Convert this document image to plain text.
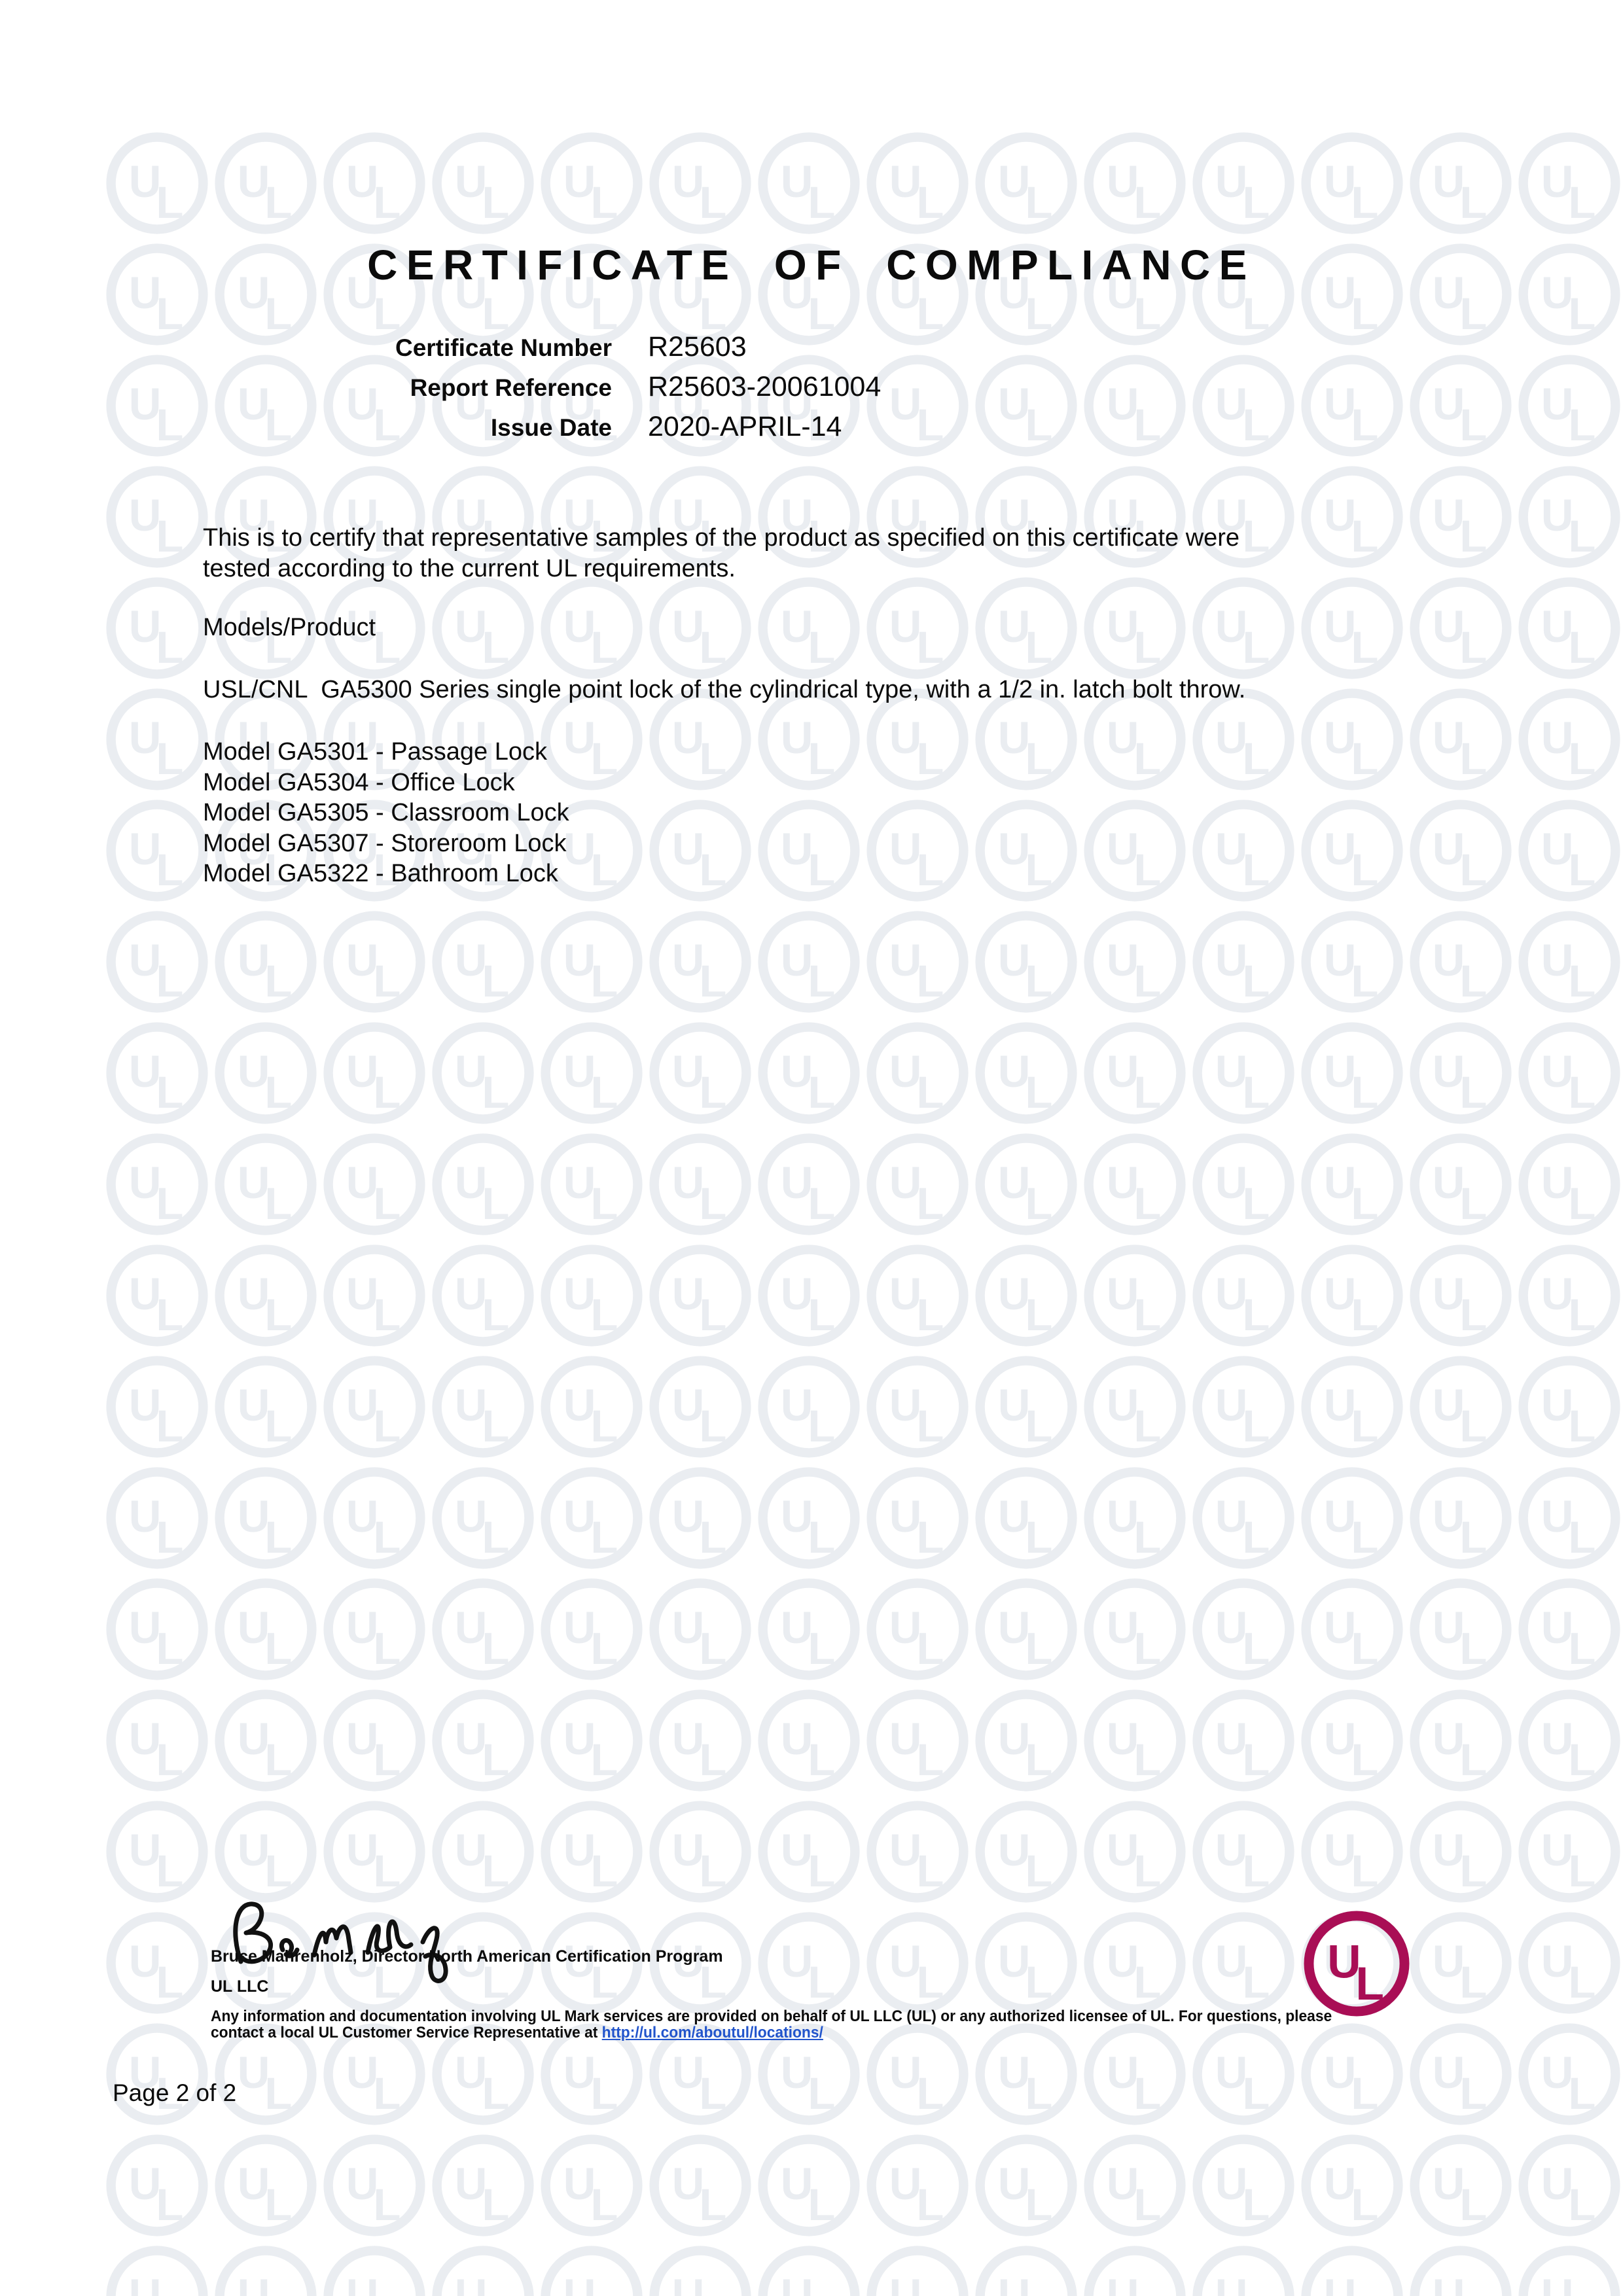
U
L
CERTIFICATE OF COMPLIANCE
Certificate Number R25603
Report Reference R25603-20061004
Issue Date 2020-APRIL-14
This is to certify that representative samples of the product as specified on this certificate were tested according to the current UL requirements.
Models/Product
USL/CNL  GA5300 Series single point lock of the cylindrical type, with a 1/2 in. latch bolt throw.
Model GA5301 - Passage Lock
Model GA5304 - Office Lock
Model GA5305 - Classroom Lock
Model GA5307 - Storeroom Lock
Model GA5322 - Bathroom Lock
Bruce Mahrenholz, Director North American Certification Program
UL LLC
Any information and documentation involving UL Mark services are provided on behalf of UL LLC (UL) or any authorized licensee of UL. For questions, please
contact a local UL Customer Service Representative at http://ul.com/aboutul/locations/
Page 2 of 2
